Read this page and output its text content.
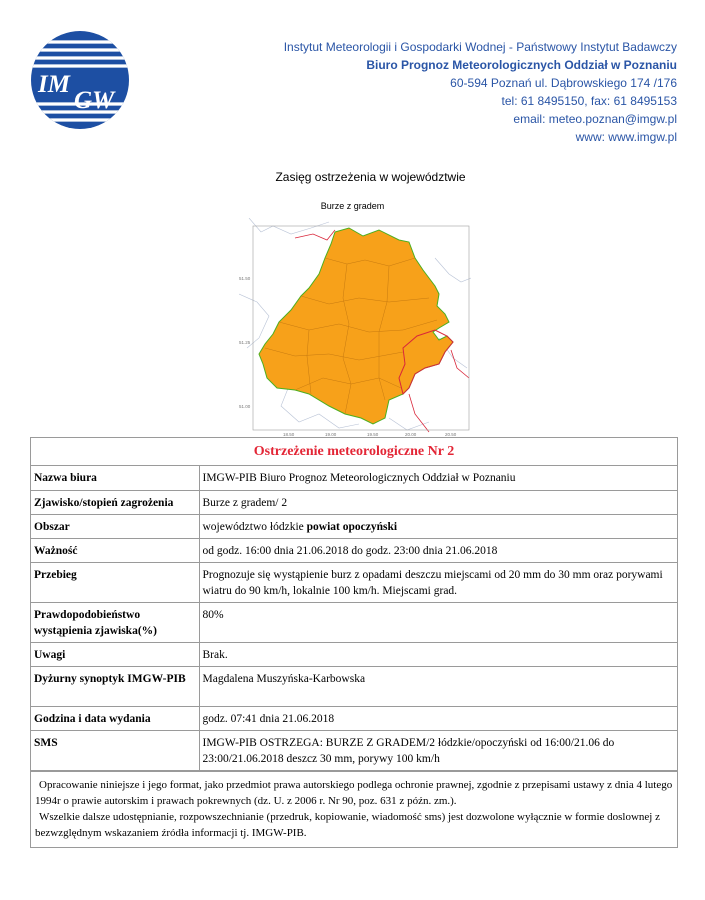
IM
GW
Instytut Meteorologii i Gospodarki Wodnej - Państwowy Instytut Badawczy
Biuro Prognoz Meteorologicznych Oddział w Poznaniu
60-594 Poznań ul. Dąbrowskiego 174 /176
tel: 61 8495150, fax: 61 8495153
email: meteo.poznan@imgw.pl
www: www.imgw.pl
Zasięg ostrzeżenia w województwie
Burze z gradem
51.50
51.25
51.00
18.50	19.00	19.50	20.00	20.50
Ostrzeżenie meteorologiczne Nr 2
Nazwa biura	IMGW-PIB Biuro Prognoz Meteorologicznych Oddział w Poznaniu
Zjawisko/stopień zagrożenia	Burze z gradem/ 2
Obszar	województwo łódzkie powiat opoczyński
Ważność	od godz. 16:00 dnia 21.06.2018 do godz. 23:00 dnia 21.06.2018
Przebieg	Prognozuje się wystąpienie burz z opadami deszczu miejscami od 20 mm do 30 mm oraz porywami wiatru do 90 km/h, lokalnie 100 km/h. Miejscami grad.
Prawdopodobieństwo wystąpienia zjawiska(%)	80%
Uwagi	Brak.
Dyżurny synoptyk IMGW-PIB	Magdalena Muszyńska-Karbowska
Godzina i data wydania	godz. 07:41 dnia 21.06.2018
SMS	IMGW-PIB OSTRZEGA: BURZE Z GRADEM/2 łódzkie/opoczyński od 16:00/21.06 do 23:00/21.06.2018 deszcz 30 mm, porywy 100 km/h

Opracowanie niniejsze i jego format, jako przedmiot prawa autorskiego podlega ochronie prawnej, zgodnie z przepisami ustawy z dnia 4 lutego 1994r o prawie autorskim i prawach pokrewnych (dz. U. z 2006 r. Nr 90, poz. 631 z późn. zm.).

Wszelkie dalsze udostępnianie, rozpowszechnianie (przedruk, kopiowanie, wiadomość sms) jest dozwolone wyłącznie w formie doslownej z bezwzględnym wskazaniem źródła informacji tj. IMGW-PIB.
